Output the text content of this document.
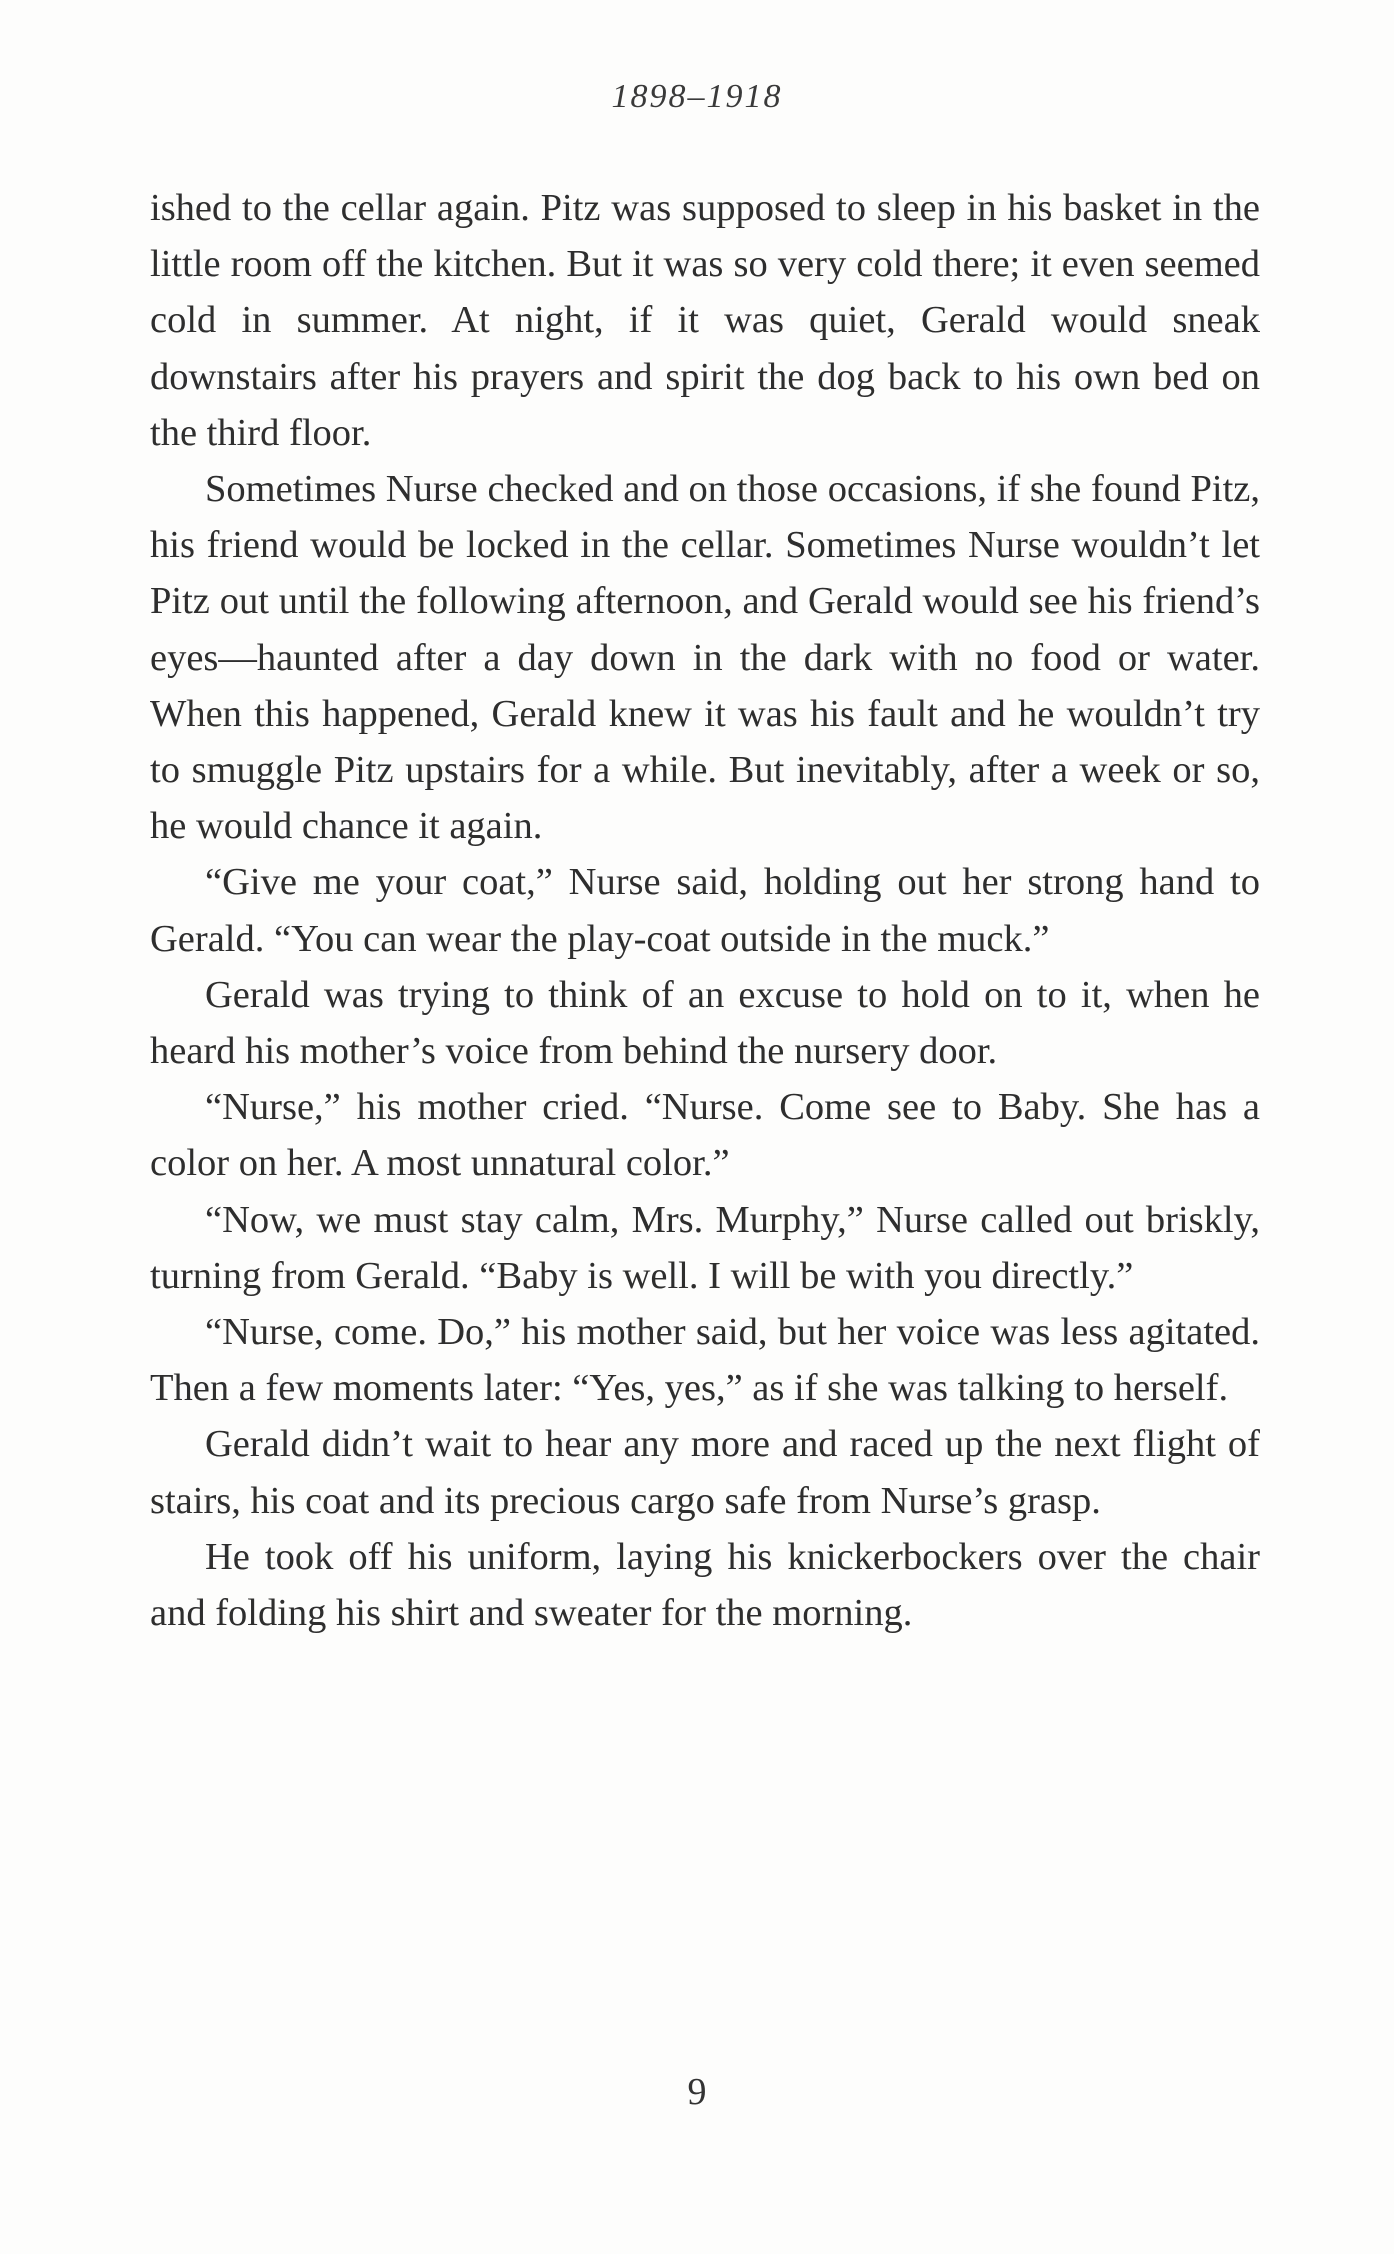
1898–1918

ished to the cellar again. Pitz was supposed to sleep in his basket in the little room off the kitchen. But it was so very cold there; it even seemed cold in summer. At night, if it was quiet, Gerald would sneak downstairs after his prayers and spirit the dog back to his own bed on the third floor.

Sometimes Nurse checked and on those occasions, if she found Pitz, his friend would be locked in the cellar. Sometimes Nurse wouldn’t let Pitz out until the following afternoon, and Gerald would see his friend’s eyes—haunted after a day down in the dark with no food or water. When this happened, Gerald knew it was his fault and he wouldn’t try to smuggle Pitz upstairs for a while. But inevitably, after a week or so, he would chance it again.

“Give me your coat,” Nurse said, holding out her strong hand to Gerald. “You can wear the play-coat outside in the muck.”

Gerald was trying to think of an excuse to hold on to it, when he heard his mother’s voice from behind the nursery door.

“Nurse,” his mother cried. “Nurse. Come see to Baby. She has a color on her. A most unnatural color.”

“Now, we must stay calm, Mrs. Murphy,” Nurse called out briskly, turning from Gerald. “Baby is well. I will be with you directly.”

“Nurse, come. Do,” his mother said, but her voice was less agitated. Then a few moments later: “Yes, yes,” as if she was talking to herself.

Gerald didn’t wait to hear any more and raced up the next flight of stairs, his coat and its precious cargo safe from Nurse’s grasp.

He took off his uniform, laying his knickerbockers over the chair and folding his shirt and sweater for the morning.

9
